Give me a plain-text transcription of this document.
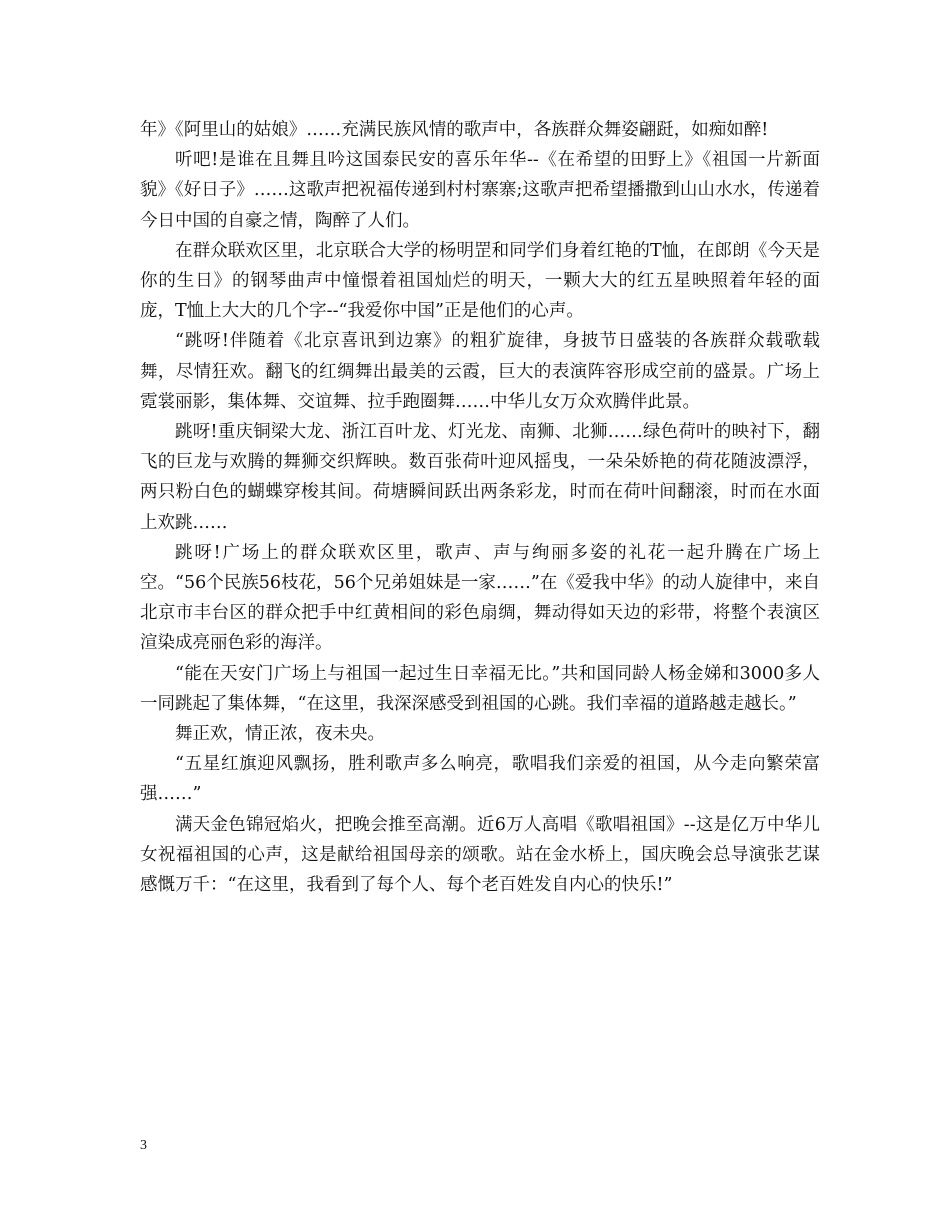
年》《阿里山的姑娘》……充满民族风情的歌声中，各族群众舞姿翩跹，如痴如醉!

听吧!是谁在且舞且吟这国泰民安的喜乐年华--《在希望的田野上》《祖国一片新面貌》《好日子》……这歌声把祝福传递到村村寨寨;这歌声把希望播撒到山山水水，传递着今日中国的自豪之情，陶醉了人们。

在群众联欢区里，北京联合大学的杨明罡和同学们身着红艳的T恤，在郎朗《今天是你的生日》的钢琴曲声中憧憬着祖国灿烂的明天，一颗大大的红五星映照着年轻的面庞，T恤上大大的几个字--“我爱你中国”正是他们的心声。

“跳呀!伴随着《北京喜讯到边寨》的粗犷旋律，身披节日盛装的各族群众载歌载舞，尽情狂欢。翻飞的红绸舞出最美的云霞，巨大的表演阵容形成空前的盛景。广场上霓裳丽影，集体舞、交谊舞、拉手跑圈舞……中华儿女万众欢腾伴此景。

跳呀!重庆铜梁大龙、浙江百叶龙、灯光龙、南狮、北狮……绿色荷叶的映衬下，翻飞的巨龙与欢腾的舞狮交织辉映。数百张荷叶迎风摇曳，一朵朵娇艳的荷花随波漂浮，两只粉白色的蝴蝶穿梭其间。荷塘瞬间跃出两条彩龙，时而在荷叶间翻滚，时而在水面上欢跳……

跳呀!广场上的群众联欢区里，歌声、声与绚丽多姿的礼花一起升腾在广场上空。“56个民族56枝花，56个兄弟姐妹是一家……”在《爱我中华》的动人旋律中，来自北京市丰台区的群众把手中红黄相间的彩色扇绸，舞动得如天边的彩带，将整个表演区渲染成亮丽色彩的海洋。

“能在天安门广场上与祖国一起过生日幸福无比。”共和国同龄人杨金娣和3000多人一同跳起了集体舞，“在这里，我深深感受到祖国的心跳。我们幸福的道路越走越长。”

舞正欢，情正浓，夜未央。

“五星红旗迎风飘扬，胜利歌声多么响亮，歌唱我们亲爱的祖国，从今走向繁荣富强……”

满天金色锦冠焰火，把晚会推至高潮。近6万人高唱《歌唱祖国》--这是亿万中华儿女祝福祖国的心声，这是献给祖国母亲的颂歌。站在金水桥上，国庆晚会总导演张艺谋感慨万千：“在这里，我看到了每个人、每个老百姓发自内心的快乐!”

3
